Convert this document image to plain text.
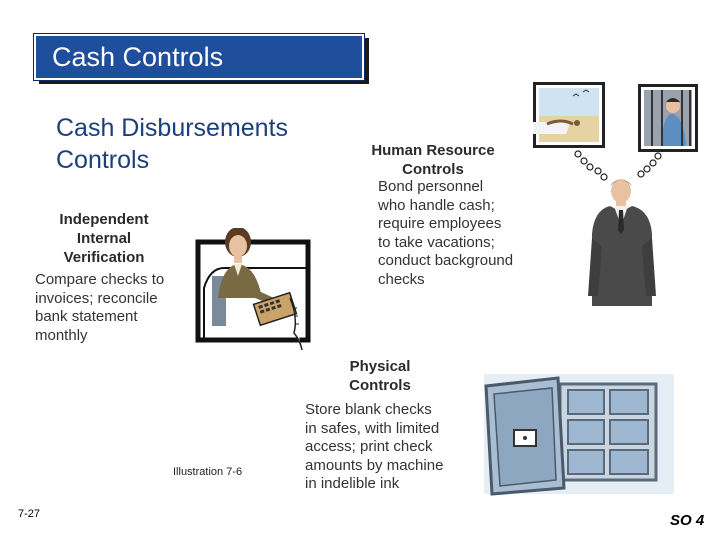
Cash Controls
Cash Disbursements
Controls
Independent
Internal
Verification
Compare checks to
invoices; reconcile
bank statement
monthly
Human Resource
Controls
Bond personnel
who handle cash;
require employees
to take vacations;
conduct background
checks
Physical
Controls
Store blank checks
in safes, with limited
access; print check
amounts by machine
in indelible ink
Illustration 7-6
7-27	SO 4
